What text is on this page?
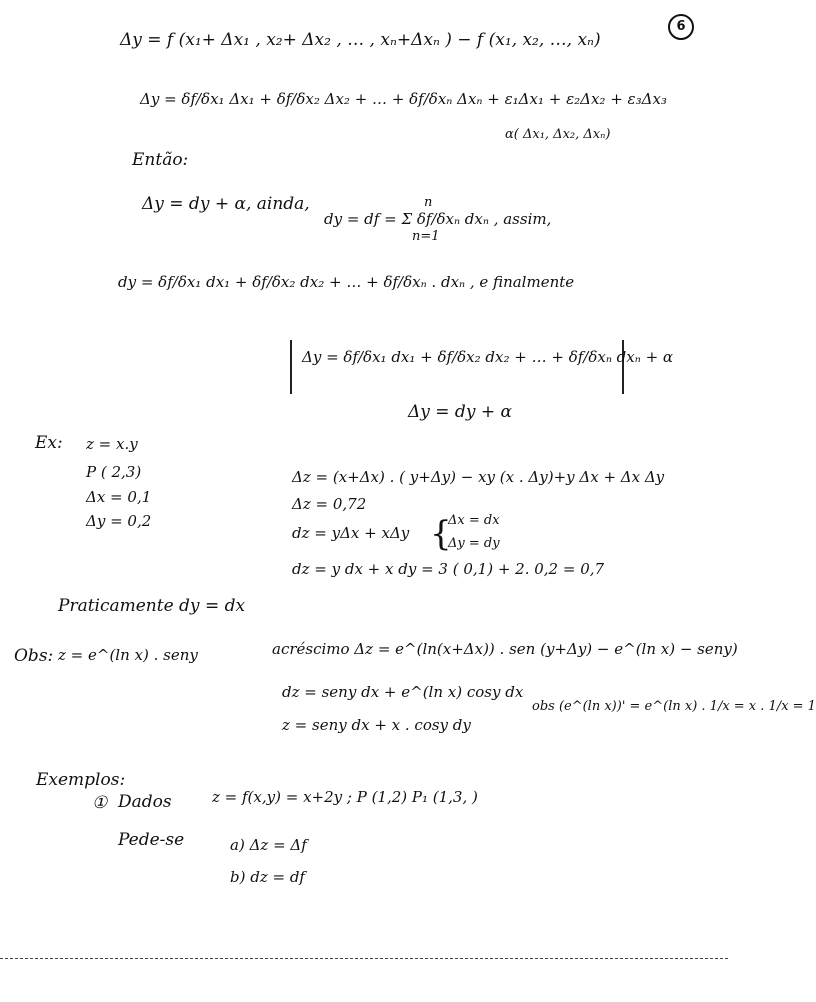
6
Δy = f (x₁+ Δx₁ , x₂+ Δx₂ , … , xₙ+Δxₙ ) − f (x₁, x₂, …, xₙ)
Δy = δf/δx₁ Δx₁ + δf/δx₂ Δx₂ + … + δf/δxₙ Δxₙ + ε₁Δx₁ + ε₂Δx₂ + ε₃Δx₃
α( Δx₁, Δx₂, Δxₙ)
Então:
Δy = dy + α, ainda,	n
dy = df = Σ δf/δxₙ dxₙ , assim,
n=1
dy = δf/δx₁ dx₁ + δf/δx₂ dx₂ + … + δf/δxₙ . dxₙ , e finalmente
Δy = δf/δx₁ dx₁ + δf/δx₂ dx₂ + … + δf/δxₙ dxₙ + α
Δy = dy + α
Ex: z = x.y
P ( 2,3)
Δx = 0,1
Δy = 0,2
Δz = (x+Δx) . ( y+Δy) − xy (x . Δy)+y Δx + Δx Δy
Δz = 0,72
dz = yΔx + xΔy {
Δx = dx
Δy = dy
dz = y dx + x dy = 3 ( 0,1) + 2. 0,2 = 0,7
Praticamente dy = dx
Obs: z = e^(ln x) . seny	acréscimo Δz = e^(ln(x+Δx)) . sen (y+Δy) − e^(ln x) − seny)
dz = seny dx + e^(ln x) cosy dx
obs (e^(ln x))' = e^(ln x) . 1/x = x . 1/x = 1
z = seny dx + x . cosy dy
Exemplos:
① Dados	z = f(x,y) = x+2y ; P (1,2) P₁ (1,3, )
Pede-se	a) Δz = Δf
b) dz = df
